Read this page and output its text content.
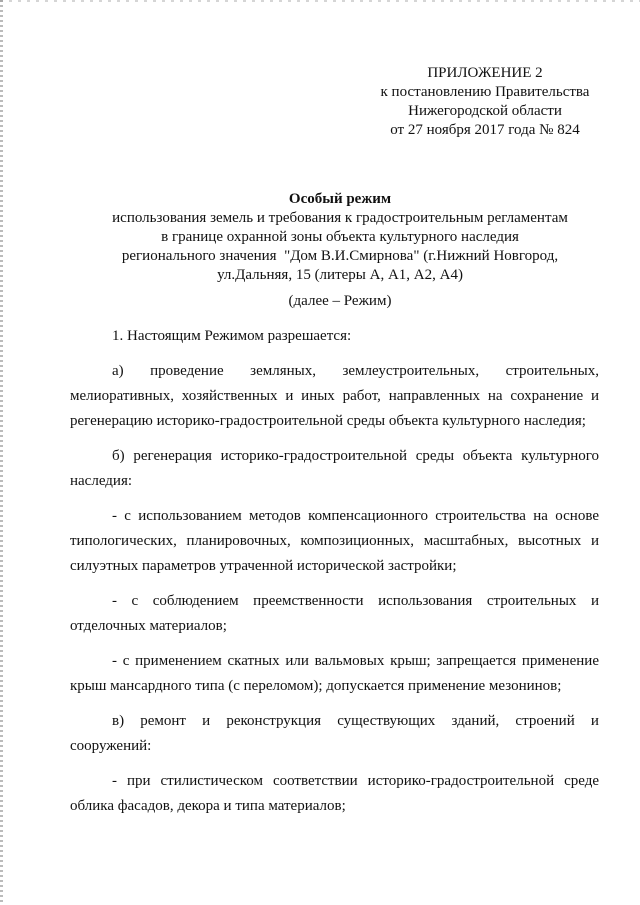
ПРИЛОЖЕНИЕ 2
к постановлению Правительства
Нижегородской области
от 27 ноября 2017 года № 824
Особый режим
использования земель и требования к градостроительным регламентам
в границе охранной зоны объекта культурного наследия
регионального значения  "Дом В.И.Смирнова" (г.Нижний Новгород,
ул.Дальняя, 15 (литеры А, А1, А2, А4)
(далее – Режим)

1. Настоящим Режимом разрешается:

а) проведение земляных, землеустроительных, строительных,

мелиоративных, хозяйственных и иных работ, направленных на сохранение и регенерацию историко-градостроительной среды объекта культурного наследия;

б) регенерация историко-градостроительной среды объекта культурного наследия:

- с использованием методов компенсационного строительства на основе типологических, планировочных, композиционных, масштабных, высотных и силуэтных параметров утраченной исторической застройки;

- с соблюдением преемственности использования строительных и отделочных материалов;

- с применением скатных или вальмовых крыш; запрещается применение крыш мансардного типа (с переломом); допускается применение мезонинов;

в) ремонт и реконструкция существующих зданий, строений и

сооружений:

- при стилистическом соответствии историко-градостроительной среде облика фасадов, декора и типа материалов;
